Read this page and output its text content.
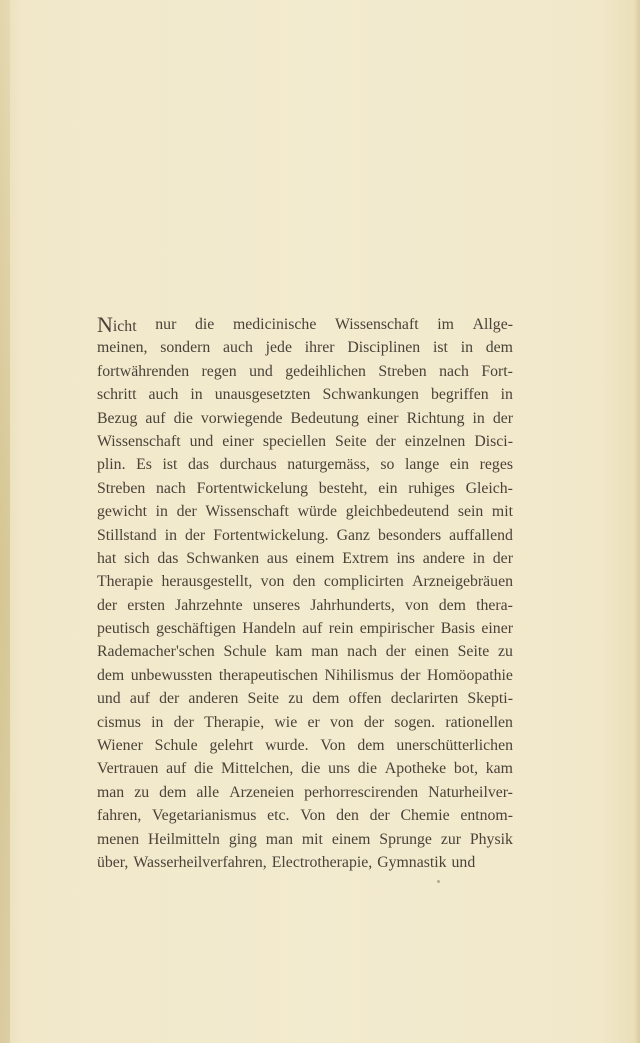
Nicht nur die medicinische Wissenschaft im Allge-
meinen, sondern auch jede ihrer Disciplinen ist in dem
fortwährenden regen und gedeihlichen Streben nach Fort-
schritt auch in unausgesetzten Schwankungen begriffen in
Bezug auf die vorwiegende Bedeutung einer Richtung in der
Wissenschaft und einer speciellen Seite der einzelnen Disci-
plin. Es ist das durchaus naturgemäss, so lange ein reges
Streben nach Fortentwickelung besteht, ein ruhiges Gleich-
gewicht in der Wissenschaft würde gleichbedeutend sein mit
Stillstand in der Fortentwickelung. Ganz besonders auffallend
hat sich das Schwanken aus einem Extrem ins andere in der
Therapie herausgestellt, von den complicirten Arzneigebräuen
der ersten Jahrzehnte unseres Jahrhunderts, von dem thera-
peutisch geschäftigen Handeln auf rein empirischer Basis einer
Rademacher'schen Schule kam man nach der einen Seite zu
dem unbewussten therapeutischen Nihilismus der Homöopathie
und auf der anderen Seite zu dem offen declarirten Skepti-
cismus in der Therapie, wie er von der sogen. rationellen
Wiener Schule gelehrt wurde. Von dem unerschütterlichen
Vertrauen auf die Mittelchen, die uns die Apotheke bot, kam
man zu dem alle Arzeneien perhorrescirenden Naturheilver-
fahren, Vegetarianismus etc. Von den der Chemie entnom-
menen Heilmitteln ging man mit einem Sprunge zur Physik
über, Wasserheilverfahren, Electrotherapie, Gymnastik und
